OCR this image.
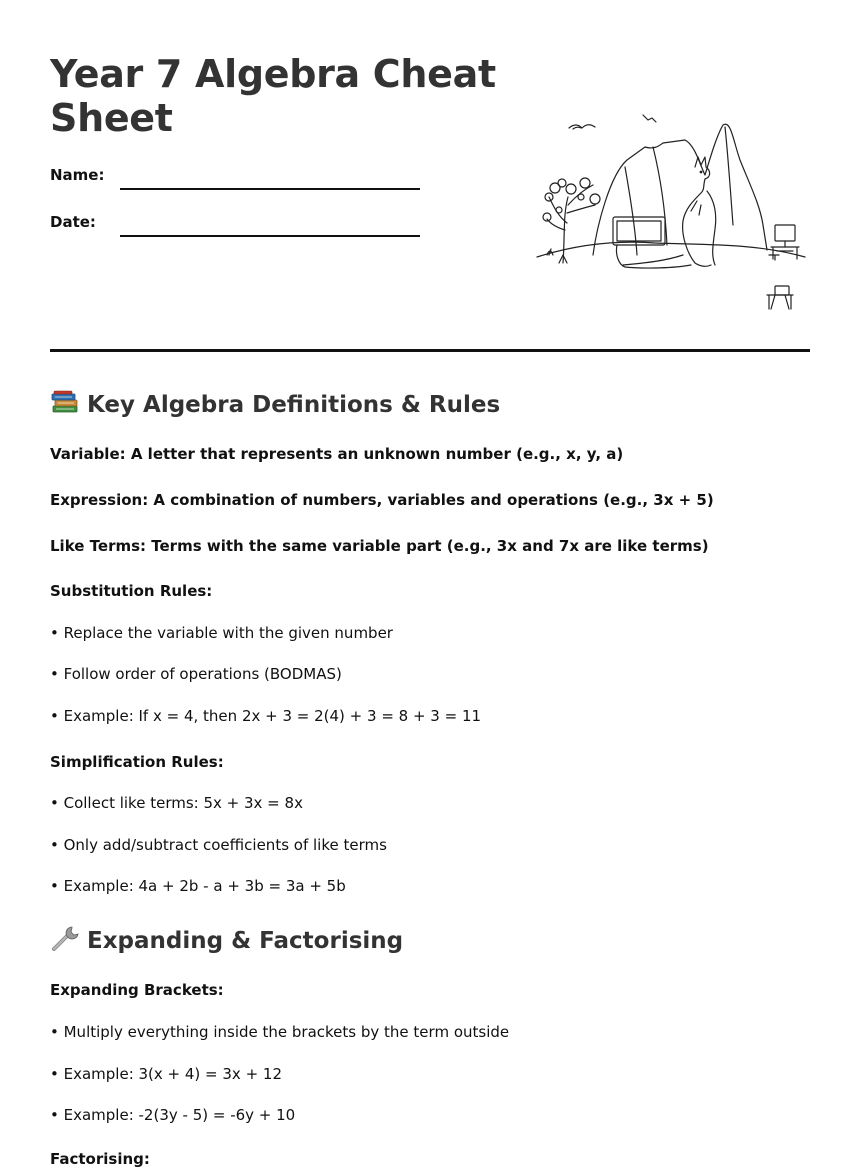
Year 7 Algebra Cheat Sheet
Name:
Date:
Key Algebra Definitions & Rules
Variable: A letter that represents an unknown number (e.g., x, y, a)
Expression: A combination of numbers, variables and operations (e.g., 3x + 5)
Like Terms: Terms with the same variable part (e.g., 3x and 7x are like terms)
Substitution Rules:
• Replace the variable with the given number
• Follow order of operations (BODMAS)
• Example: If x = 4, then 2x + 3 = 2(4) + 3 = 8 + 3 = 11
Simplification Rules:
• Collect like terms: 5x + 3x = 8x
• Only add/subtract coefficients of like terms
• Example: 4a + 2b - a + 3b = 3a + 5b
Expanding & Factorising
Expanding Brackets:
• Multiply everything inside the brackets by the term outside
• Example: 3(x + 4) = 3x + 12
• Example: -2(3y - 5) = -6y + 10
Factorising:
